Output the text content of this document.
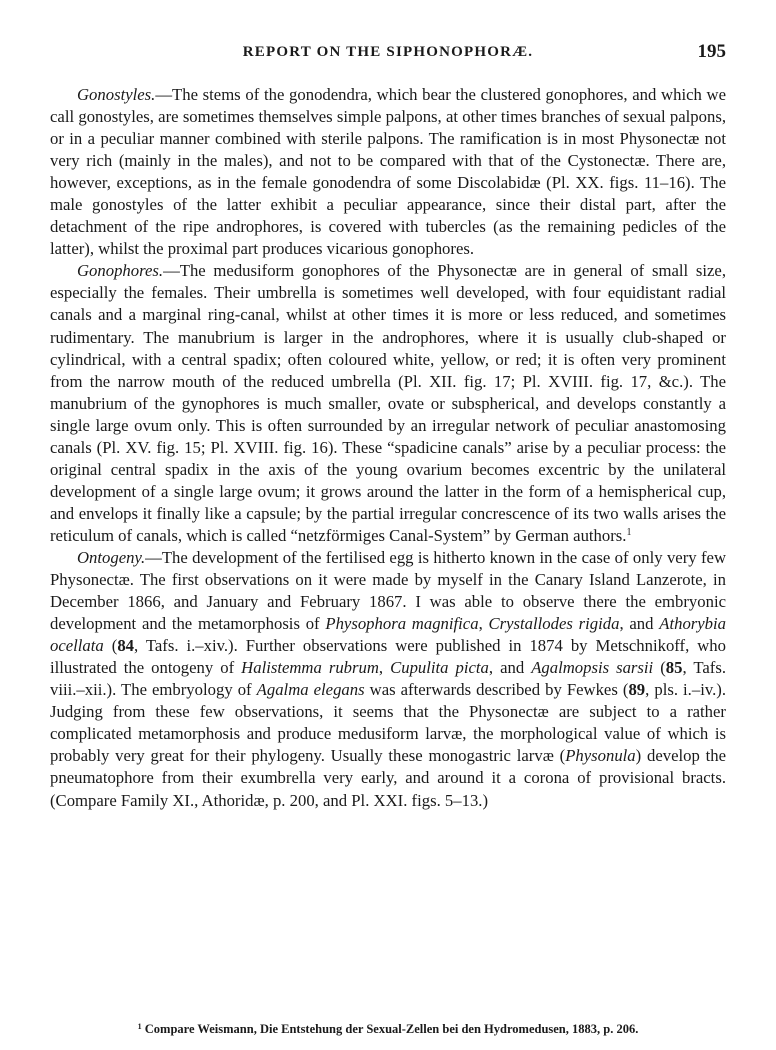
REPORT ON THE SIPHONOPHORÆ.	195

Gonostyles.—The stems of the gonodendra, which bear the clustered gonophores, and which we call gonostyles, are sometimes themselves simple palpons, at other times branches of sexual palpons, or in a peculiar manner combined with sterile palpons. The ramification is in most Physonectæ not very rich (mainly in the males), and not to be compared with that of the Cystonectæ. There are, however, exceptions, as in the female gonodendra of some Discolabidæ (Pl. XX. figs. 11–16). The male gonostyles of the latter exhibit a peculiar appearance, since their distal part, after the detachment of the ripe androphores, is covered with tubercles (as the remaining pedicles of the latter), whilst the proximal part produces vicarious gonophores.

Gonophores.—The medusiform gonophores of the Physonectæ are in general of small size, especially the females. Their umbrella is sometimes well developed, with four equidistant radial canals and a marginal ring-canal, whilst at other times it is more or less reduced, and sometimes rudimentary. The manubrium is larger in the androphores, where it is usually club-shaped or cylindrical, with a central spadix; often coloured white, yellow, or red; it is often very prominent from the narrow mouth of the reduced umbrella (Pl. XII. fig. 17; Pl. XVIII. fig. 17, &c.). The manubrium of the gynophores is much smaller, ovate or subspherical, and develops constantly a single large ovum only. This is often surrounded by an irregular network of peculiar anastomosing canals (Pl. XV. fig. 15; Pl. XVIII. fig. 16). These “spadicine canals” arise by a peculiar process: the original central spadix in the axis of the young ovarium becomes excentric by the unilateral development of a single large ovum; it grows around the latter in the form of a hemispherical cup, and envelops it finally like a capsule; by the partial irregular concrescence of its two walls arises the reticulum of canals, which is called “netzförmiges Canal-System” by German authors.$^1$

Ontogeny.—The development of the fertilised egg is hitherto known in the case of only very few Physonectæ. The first observations on it were made by myself in the Canary Island Lanzerote, in December 1866, and January and February 1867. I was able to observe there the embryonic development and the metamorphosis of Physophora magnifica, Crystallodes rigida, and Athorybia ocellata (84, Tafs. i.–xiv.). Further observations were published in 1874 by Metschnikoff, who illustrated the ontogeny of Halistemma rubrum, Cupulita picta, and Agalmopsis sarsii (85, Tafs. viii.–xii.). The embryology of Agalma elegans was afterwards described by Fewkes (89, pls. i.–iv.). Judging from these few observations, it seems that the Physonectæ are subject to a rather complicated metamorphosis and produce medusiform larvæ, the morphological value of which is probably very great for their phylogeny. Usually these monogastric larvæ (Physonula) develop the pneumatophore from their exumbrella very early, and around it a corona of provisional bracts. (Compare Family XI., Athoridæ, p. 200, and Pl. XXI. figs. 5–13.)

$^1$ Compare Weismann, Die Entstehung der Sexual-Zellen bei den Hydromedusen, 1883, p. 206.
